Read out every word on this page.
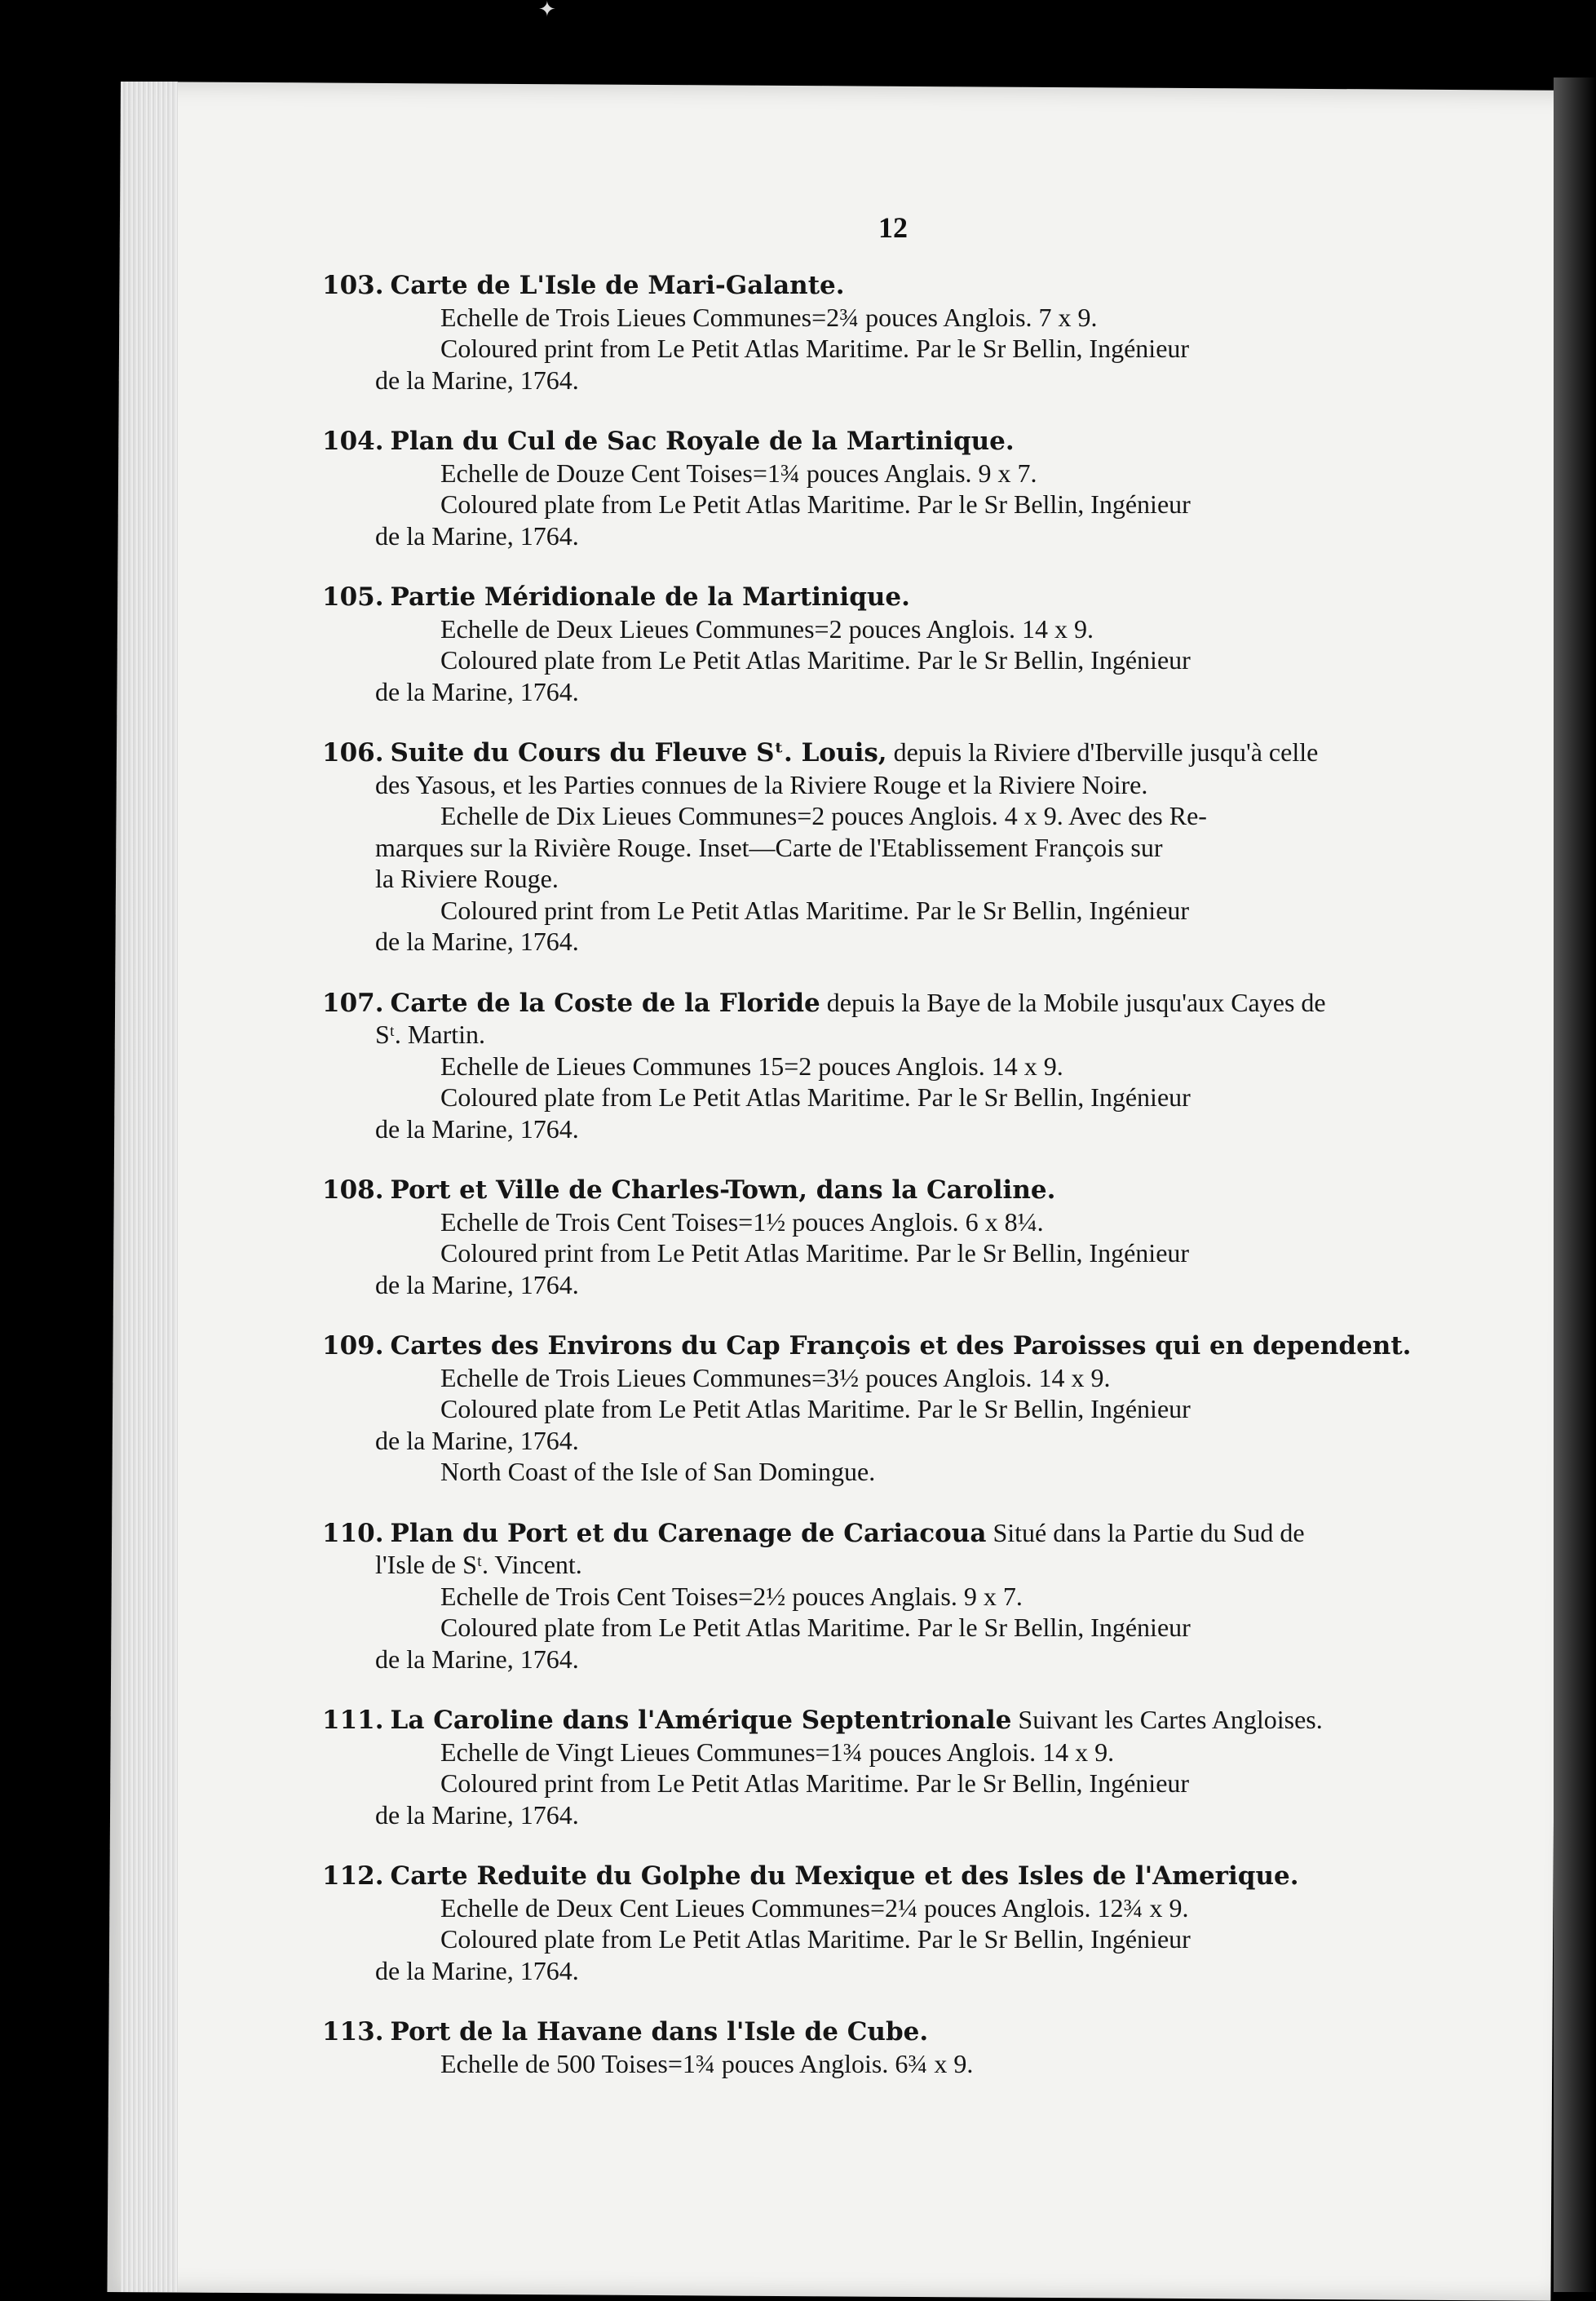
✦
12
103. Carte de L'Isle de Mari-Galante.
Echelle de Trois Lieues Communes=2¾ pouces Anglois. 7 x 9.
Coloured print from Le Petit Atlas Maritime. Par le Sr Bellin, Ingénieur
de la Marine, 1764.
104. Plan du Cul de Sac Royale de la Martinique.
Echelle de Douze Cent Toises=1¾ pouces Anglais. 9 x 7.
Coloured plate from Le Petit Atlas Maritime. Par le Sr Bellin, Ingénieur
de la Marine, 1764.
105. Partie Méridionale de la Martinique.
Echelle de Deux Lieues Communes=2 pouces Anglois. 14 x 9.
Coloured plate from Le Petit Atlas Maritime. Par le Sr Bellin, Ingénieur
de la Marine, 1764.
106. Suite du Cours du Fleuve Sᵗ. Louis, depuis la Riviere d'Iberville jusqu'à celle
des Yasous, et les Parties connues de la Riviere Rouge et la Riviere Noire.
Echelle de Dix Lieues Communes=2 pouces Anglois. 4 x 9. Avec des Re-
marques sur la Rivière Rouge. Inset—Carte de l'Etablissement François sur
la Riviere Rouge.
Coloured print from Le Petit Atlas Maritime. Par le Sr Bellin, Ingénieur
de la Marine, 1764.
107. Carte de la Coste de la Floride depuis la Baye de la Mobile jusqu'aux Cayes de
Sᵗ. Martin.
Echelle de Lieues Communes 15=2 pouces Anglois. 14 x 9.
Coloured plate from Le Petit Atlas Maritime. Par le Sr Bellin, Ingénieur
de la Marine, 1764.
108. Port et Ville de Charles-Town, dans la Caroline.
Echelle de Trois Cent Toises=1½ pouces Anglois. 6 x 8¼.
Coloured print from Le Petit Atlas Maritime. Par le Sr Bellin, Ingénieur
de la Marine, 1764.
109. Cartes des Environs du Cap François et des Paroisses qui en dependent.
Echelle de Trois Lieues Communes=3½ pouces Anglois. 14 x 9.
Coloured plate from Le Petit Atlas Maritime. Par le Sr Bellin, Ingénieur
de la Marine, 1764.
North Coast of the Isle of San Domingue.
110. Plan du Port et du Carenage de Cariacoua Situé dans la Partie du Sud de
l'Isle de Sᵗ. Vincent.
Echelle de Trois Cent Toises=2½ pouces Anglais. 9 x 7.
Coloured plate from Le Petit Atlas Maritime. Par le Sr Bellin, Ingénieur
de la Marine, 1764.
111. La Caroline dans l'Amérique Septentrionale Suivant les Cartes Angloises.
Echelle de Vingt Lieues Communes=1¾ pouces Anglois. 14 x 9.
Coloured print from Le Petit Atlas Maritime. Par le Sr Bellin, Ingénieur
de la Marine, 1764.
112. Carte Reduite du Golphe du Mexique et des Isles de l'Amerique.
Echelle de Deux Cent Lieues Communes=2¼ pouces Anglois. 12¾ x 9.
Coloured plate from Le Petit Atlas Maritime. Par le Sr Bellin, Ingénieur
de la Marine, 1764.
113. Port de la Havane dans l'Isle de Cube.
Echelle de 500 Toises=1¾ pouces Anglois. 6¾ x 9.
